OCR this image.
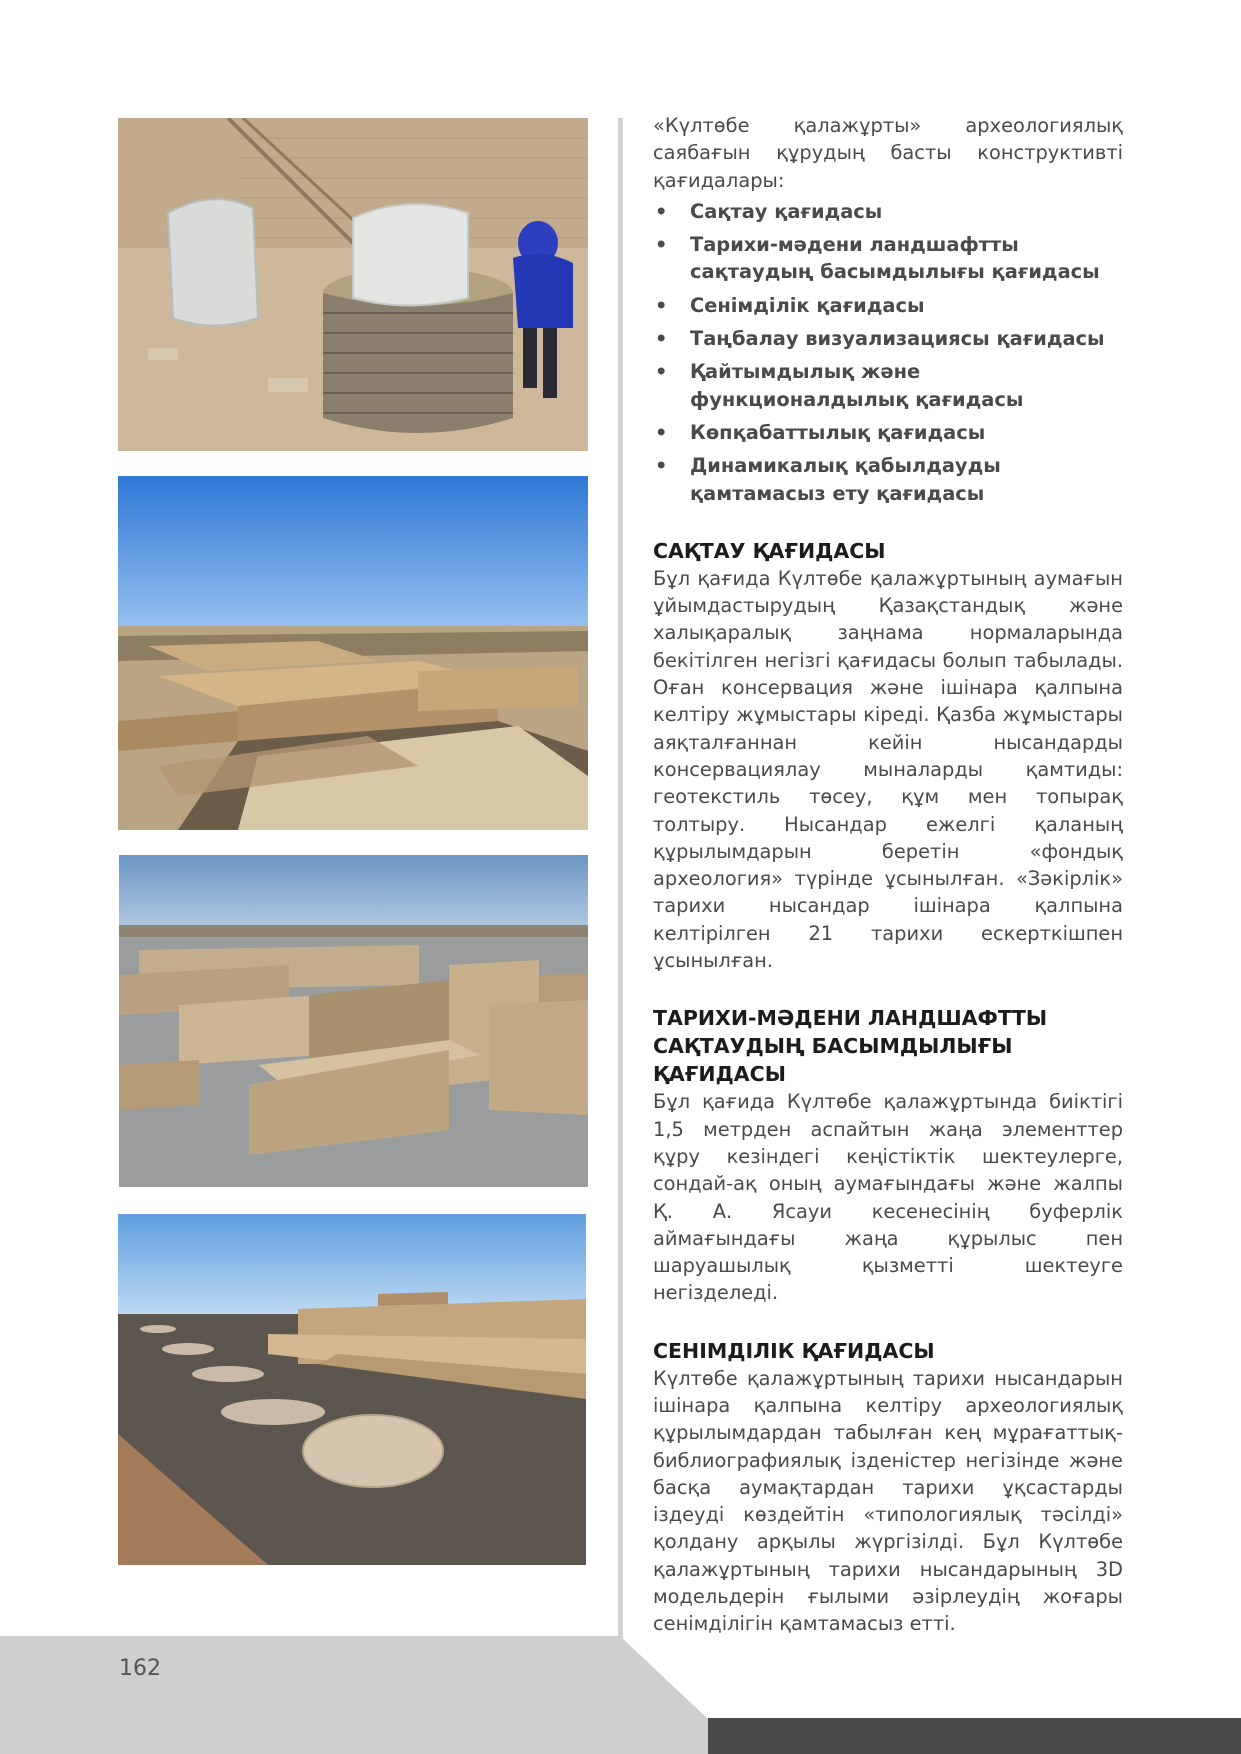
«Күлтөбе қалажұрты» археологиялық саябағын құрудың басты конструктивті қағидалары:

• Сақтау қағидасы
• Тарихи-мәдени ландшафтты сақтаудың басымдылығы қағидасы
• Сенімділік қағидасы
• Таңбалау визуализациясы қағидасы
• Қайтымдылық және функционалдылық қағидасы
• Көпқабаттылық қағидасы
• Динамикалық қабылдауды қамтамасыз ету қағидасы
САҚТАУ ҚАҒИДАСЫ

Бұл қағида Күлтөбе қалажұртының аумағын ұйымдастырудың Қазақстандық және халықаралық заңнама нормаларында бекітілген негізгі қағидасы болып табылады. Оған консервация және ішінара қалпына келтіру жұмыстары кіреді. Қазба жұмыстары аяқталғаннан кейін нысандарды консервациялау мыналарды қамтиды: геотекстиль төсеу, құм мен топырақ толтыру. Нысандар ежелгі қаланың құрылымдарын беретін «фондық археология» түрінде ұсынылған. «Зәкірлік» тарихи нысандар ішінара қалпына келтірілген 21 тарихи ескерткішпен ұсынылған.

ТАРИХИ-МӘДЕНИ ЛАНДШАФТТЫ САҚТАУДЫҢ БАСЫМДЫЛЫҒЫ ҚАҒИДАСЫ

Бұл қағида Күлтөбе қалажұртында биіктігі 1,5 метрден аспайтын жаңа элементтер құру кезіндегі кеңістіктік шектеулерге, сондай-ақ оның аумағындағы және жалпы Қ. А. Ясауи кесенесінің буферлік аймағындағы жаңа құрылыс пен шаруашылық қызметті шектеуге негізделеді.

СЕНІМДІЛІК ҚАҒИДАСЫ

Күлтөбе қалажұртының тарихи нысандарын ішінара қалпына келтіру археологиялық құрылымдардан табылған кең мұрағаттық-библиографиялық ізденістер негізінде және басқа аумақтардан тарихи ұқсастарды іздеуді көздейтін «типологиялық тәсілді» қолдану арқылы жүргізілді. Бұл Күлтөбе қалажұртының тарихи нысандарының 3D модельдерін ғылыми әзірлеудің жоғары сенімділігін қамтамасыз етті.

162
